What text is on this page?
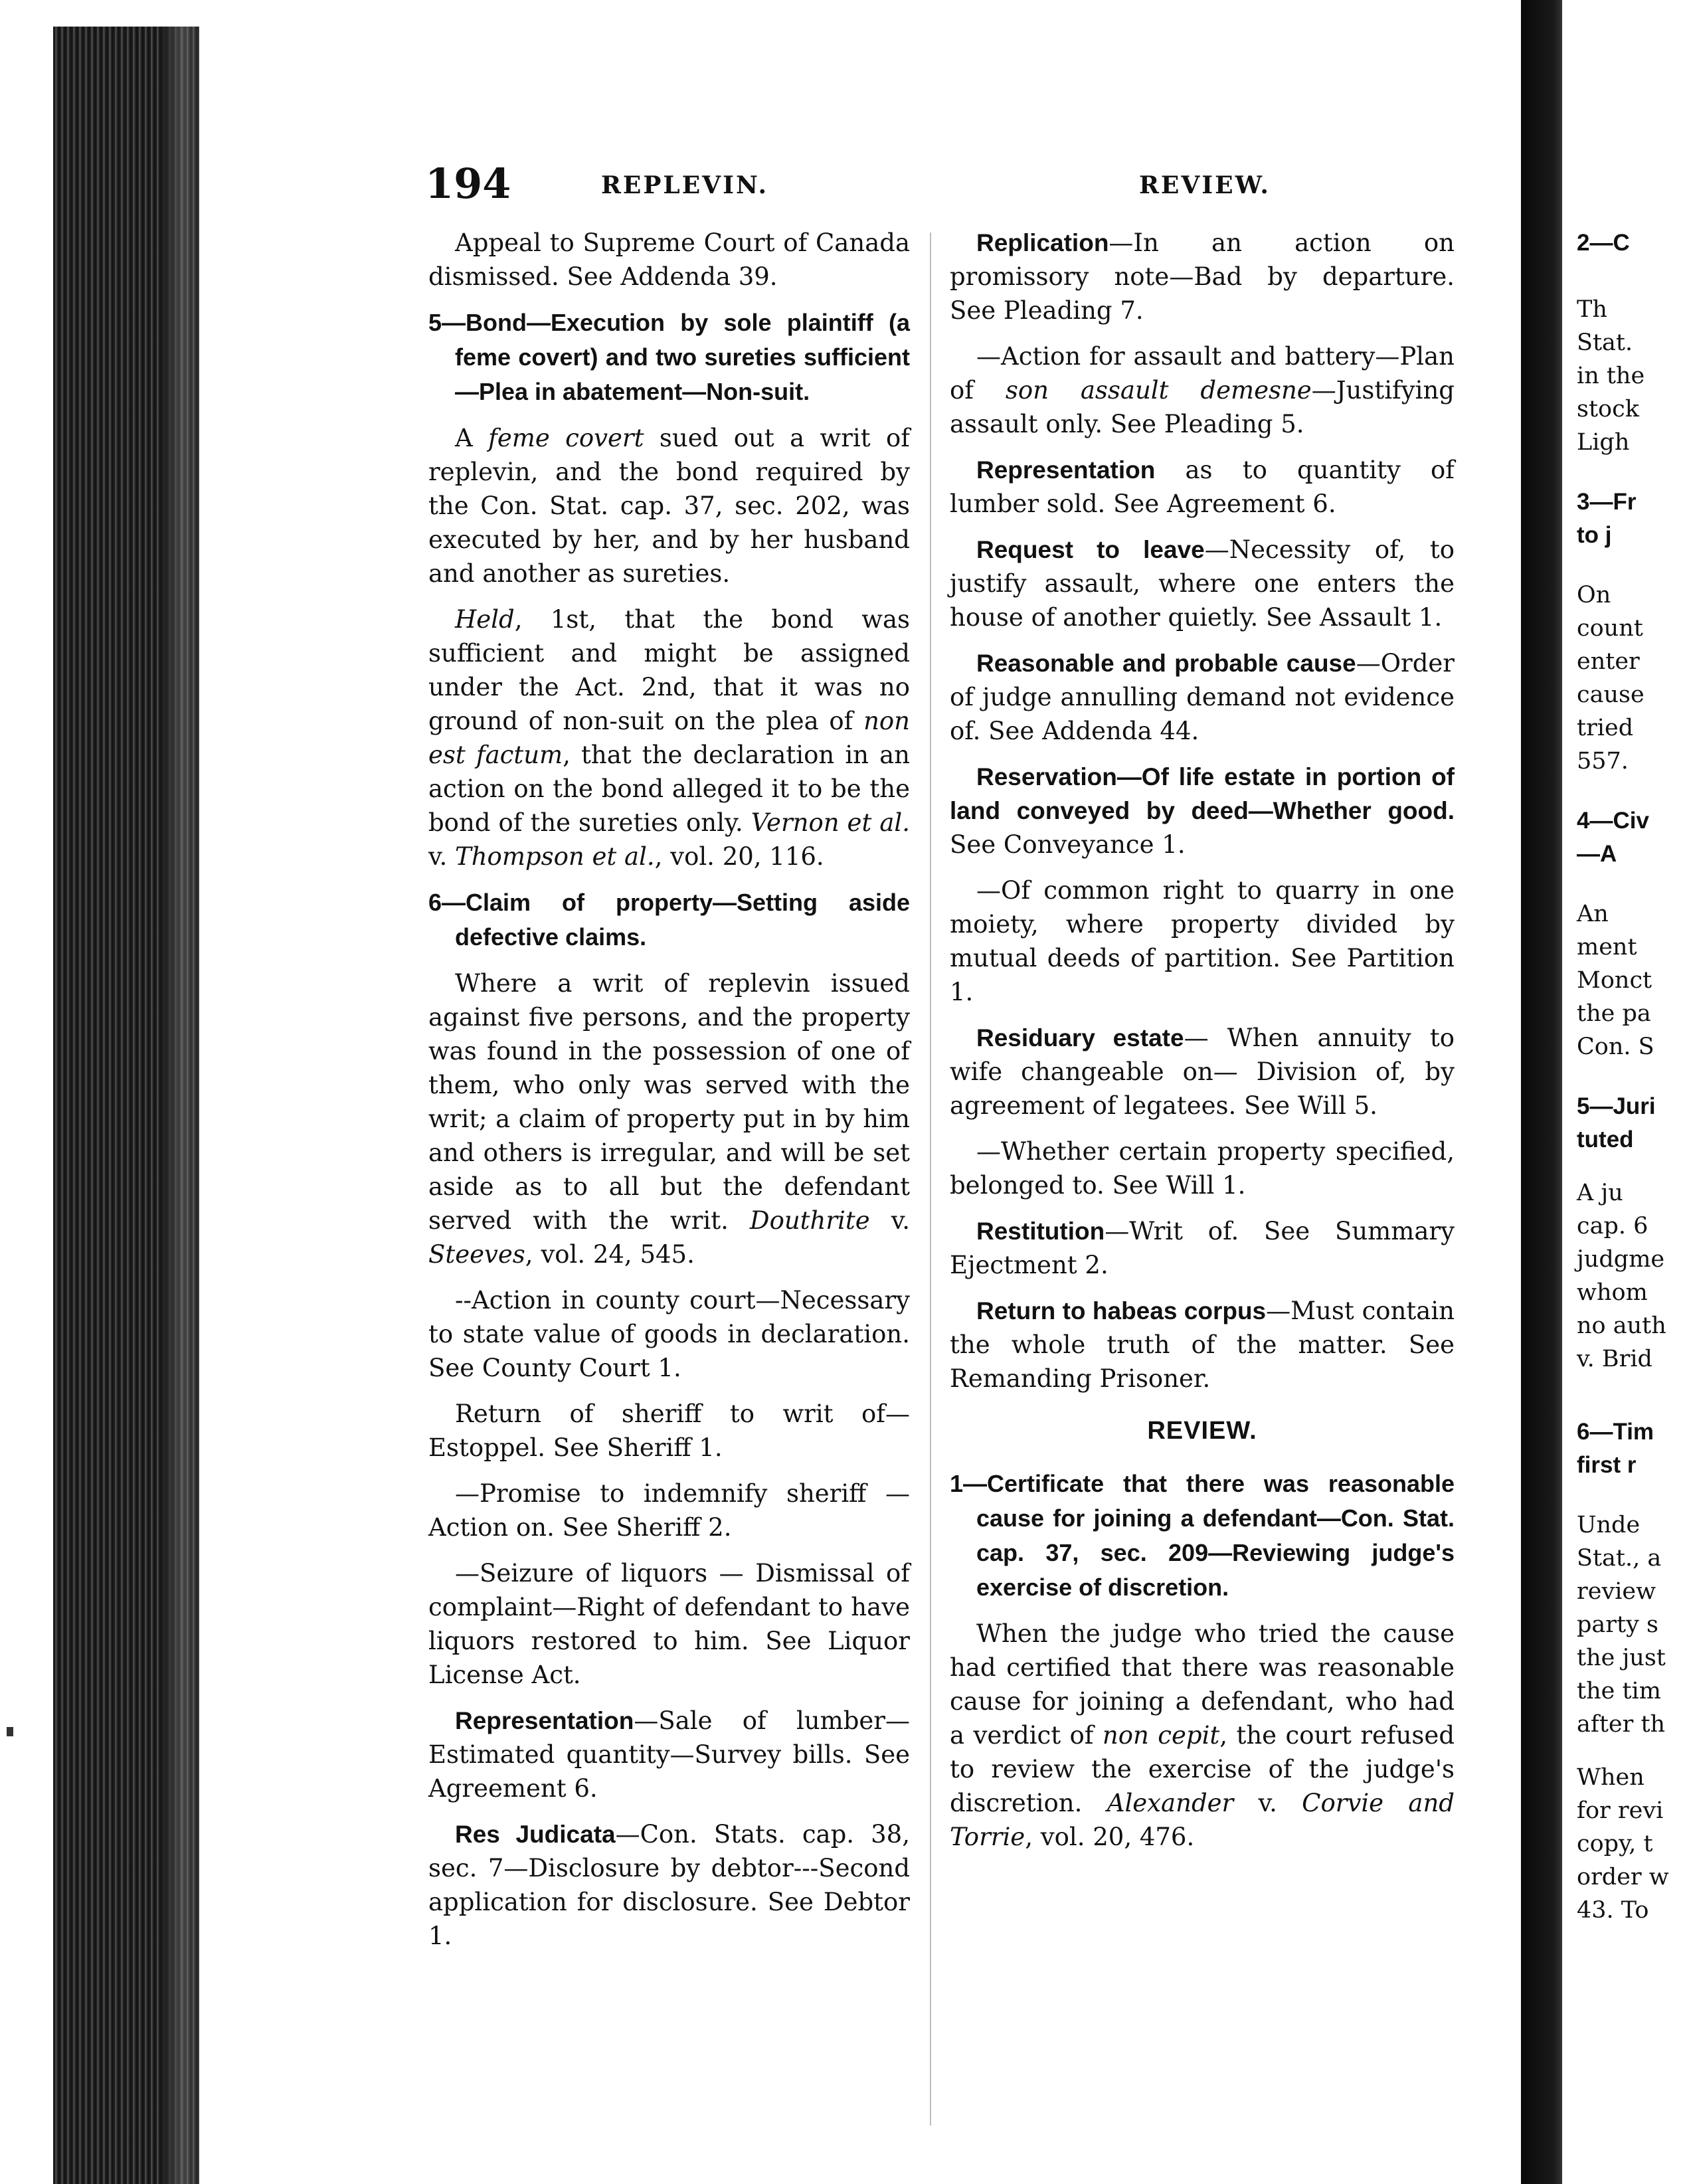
194	REPLEVIN.	REVIEW.

Appeal to Supreme Court of Canada dismissed. See Addenda 39.

5—Bond—Execution by sole plaintiff (a feme covert) and two sureties sufficient—Plea in abatement—Non-suit.

A feme covert sued out a writ of replevin, and the bond required by the Con. Stat. cap. 37, sec. 202, was executed by her, and by her husband and another as sureties.

Held, 1st, that the bond was sufficient and might be assigned under the Act. 2nd, that it was no ground of non-suit on the plea of non est factum, that the declaration in an action on the bond alleged it to be the bond of the sureties only. Vernon et al. v. Thompson et al., vol. 20, 116.

6—Claim of property—Setting aside defective claims.

Where a writ of replevin issued against five persons, and the property was found in the possession of one of them, who only was served with the writ; a claim of property put in by him and others is irregular, and will be set aside as to all but the defendant served with the writ. Douthrite v. Steeves, vol. 24, 545.

--Action in county court—Necessary to state value of goods in declaration. See County Court 1.

Return of sheriff to writ of—Estoppel. See Sheriff 1.

—Promise to indemnify sheriff — Action on. See Sheriff 2.

—Seizure of liquors — Dismissal of complaint—Right of defendant to have liquors restored to him. See Liquor License Act.

Representation—Sale of lumber—Estimated quantity—Survey bills. See Agreement 6.

Res Judicata—Con. Stats. cap. 38, sec. 7—Disclosure by debtor---Second application for disclosure. See Debtor 1.

Replication—In an action on promissory note—Bad by departure. See Pleading 7.

—Action for assault and battery—Plan of son assault demesne—Justifying assault only. See Pleading 5.

Representation as to quantity of lumber sold. See Agreement 6.

Request to leave—Necessity of, to justify assault, where one enters the house of another quietly. See Assault 1.

Reasonable and probable cause—Order of judge annulling demand not evidence of. See Addenda 44.

Reservation—Of life estate in portion of land conveyed by deed—Whether good. See Conveyance 1.

—Of common right to quarry in one moiety, where property divided by mutual deeds of partition. See Partition 1.

Residuary estate— When annuity to wife changeable on— Division of, by agreement of legatees. See Will 5.

—Whether certain property specified, belonged to. See Will 1.

Restitution—Writ of. See Summary Ejectment 2.

Return to habeas corpus—Must contain the whole truth of the matter. See Remanding Prisoner.

REVIEW.

1—Certificate that there was reasonable cause for joining a defendant—Con. Stat. cap. 37, sec. 209—Reviewing judge's exercise of discretion.

When the judge who tried the cause had certified that there was reasonable cause for joining a defendant, who had a verdict of non cepit, the court refused to review the exercise of the judge's discretion. Alexander v. Corvie and Torrie, vol. 20, 476.

2—C
Th
Stat.
in the
stock
Ligh
3—Fr
to j
On
count
enter
cause
tried
557.
4—Civ
—A
An
ment
Monct
the pa
Con. S
5—Juri
tuted
A ju
cap. 6
judgme
whom
no auth
v. Brid
6—Tim
first r
Unde
Stat., a
review
party s
the just
the tim
after th
When
for revi
copy, t
order w
43. To
